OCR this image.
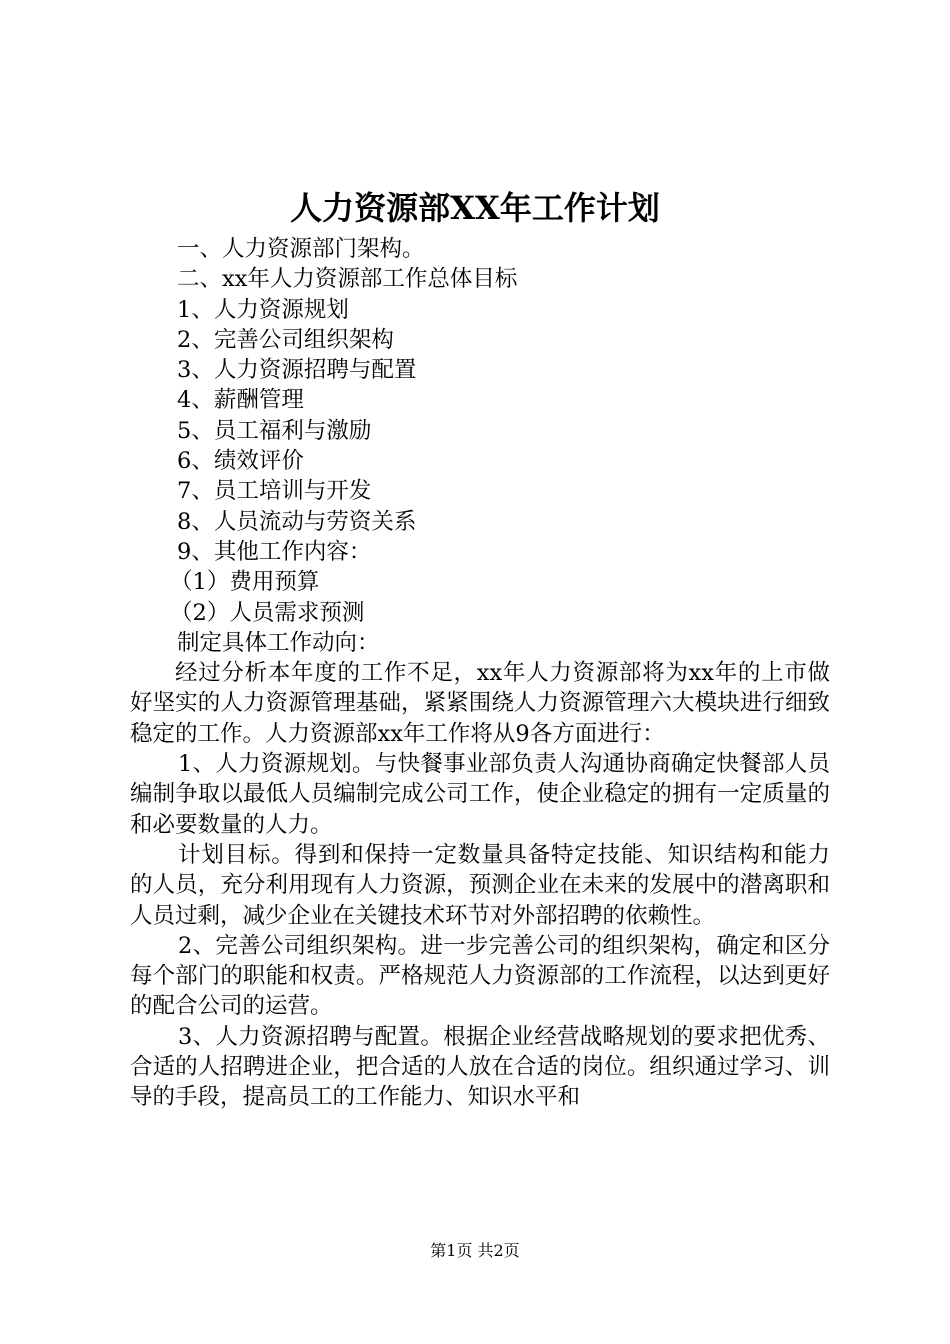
人力资源部XX年工作计划

一、人力资源部门架构。

二、xx年人力资源部工作总体目标

1、人力资源规划

2、完善公司组织架构

3、人力资源招聘与配置

4、薪酬管理

5、员工福利与激励

6、绩效评价

7、员工培训与开发

8、人员流动与劳资关系

9、其他工作内容：

（1）费用预算

（2）人员需求预测

制定具体工作动向：

经过分析本年度的工作不足，xx年人力资源部将为xx年的上市做好坚实的人力资源管理基础，紧紧围绕人力资源管理六大模块进行细致稳定的工作。人力资源部xx年工作将从9各方面进行：

1、人力资源规划。与快餐事业部负责人沟通协商确定快餐部人员编制争取以最低人员编制完成公司工作，使企业稳定的拥有一定质量的和必要数量的人力。

计划目标。得到和保持一定数量具备特定技能、知识结构和能力的人员，充分利用现有人力资源，预测企业在未来的发展中的潜离职和人员过剩，减少企业在关键技术环节对外部招聘的依赖性。

2、完善公司组织架构。进一步完善公司的组织架构，确定和区分每个部门的职能和权责。严格规范人力资源部的工作流程，以达到更好的配合公司的运营。

3、人力资源招聘与配置。根据企业经营战略规划的要求把优秀、合适的人招聘进企业，把合适的人放在合适的岗位。组织通过学习、训导的手段，提高员工的工作能力、知识水平和

第1页 共2页
